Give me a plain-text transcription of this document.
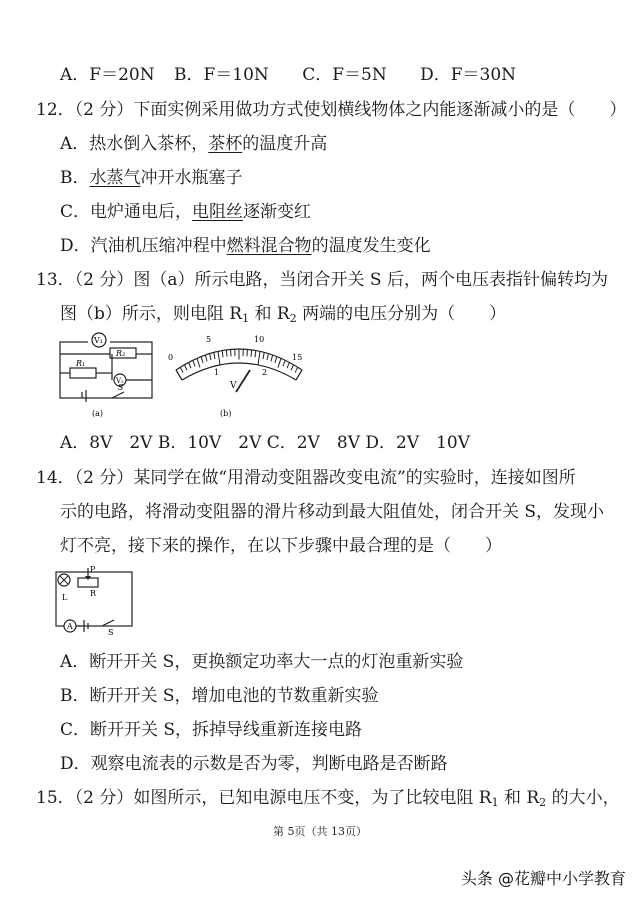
A．F＝20N B．F＝10N C．F＝5N D．F＝30N
12．（2 分）下面实例采用做功方式使划横线物体之内能逐渐减小的是（　　）
A．热水倒入茶杯，茶杯的温度升高
B．水蒸气冲开水瓶塞子
C．电炉通电后，电阻丝逐渐变红
D．汽油机压缩冲程中燃料混合物的温度发生变化
13．（2 分）图（a）所示电路，当闭合开关 S 后，两个电压表指针偏转均为
图（b）所示，则电阻 $R_1$ 和 $R_2$ 两端的电压分别为（　　）
V₁
V₂
R₂
R₁
S
(a)
0
5	10
15
1	2
V
(b)
A．8V　2V B．10V　2V C．2V　8V D．2V　10V
14．（2 分）某同学在做“用滑动变阻器改变电流”的实验时，连接如图所
示的电路，将滑动变阻器的滑片移动到最大阻值处，闭合开关 S，发现小
灯不亮，接下来的操作，在以下步骤中最合理的是（　　）
A
P
R
L
S
A．断开开关 S，更换额定功率大一点的灯泡重新实验
B．断开开关 S，增加电池的节数重新实验
C．断开开关 S，拆掉导线重新连接电路
D．观察电流表的示数是否为零，判断电路是否断路
15．（2 分）如图所示，已知电源电压不变，为了比较电阻 $R_1$ 和 $R_2$ 的大小，
第 5页（共 13页）
头条 @花瓣中小学教育
